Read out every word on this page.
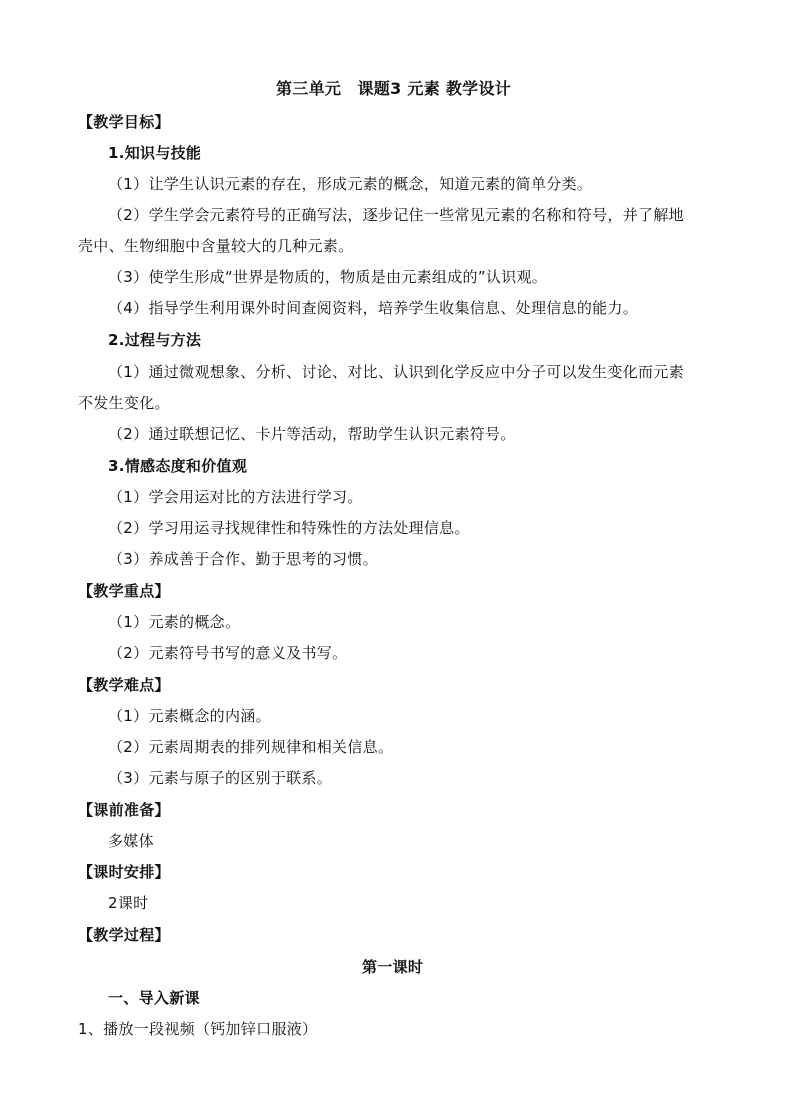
第三单元　课题3 元素 教学设计
【教学目标】
1.知识与技能
（1）让学生认识元素的存在，形成元素的概念，知道元素的简单分类。
（2）学生学会元素符号的正确写法，逐步记住一些常见元素的名称和符号，并了解地
壳中、生物细胞中含量较大的几种元素。
（3）使学生形成“世界是物质的，物质是由元素组成的”认识观。
（4）指导学生利用课外时间查阅资料，培养学生收集信息、处理信息的能力。
2.过程与方法
（1）通过微观想象、分析、讨论、对比、认识到化学反应中分子可以发生变化而元素
不发生变化。
（2）通过联想记忆、卡片等活动，帮助学生认识元素符号。
3.情感态度和价值观
（1）学会用运对比的方法进行学习。
（2）学习用运寻找规律性和特殊性的方法处理信息。
（3）养成善于合作、勤于思考的习惯。
【教学重点】
（1）元素的概念。
（2）元素符号书写的意义及书写。
【教学难点】
（1）元素概念的内涵。
（2）元素周期表的排列规律和相关信息。
（3）元素与原子的区别于联系。
【课前准备】
多媒体
【课时安排】
2课时
【教学过程】
第一课时
一、导入新课
1、播放一段视频（钙加锌口服液）
